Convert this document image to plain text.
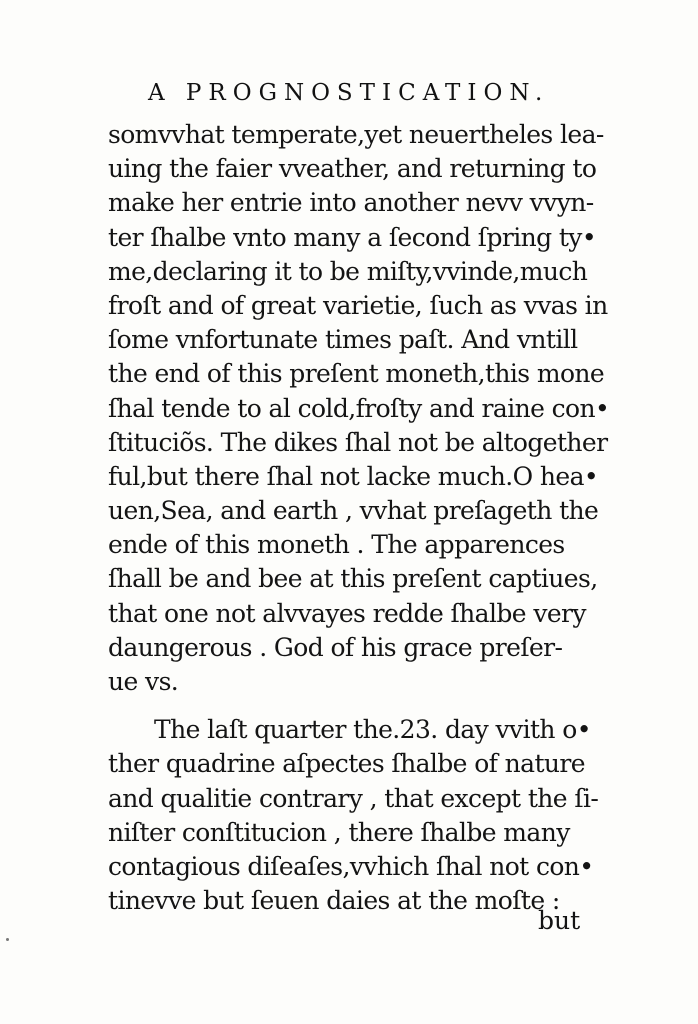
A PROGNOSTICATION.
somvvhat temperate,yet neuertheles lea-
uing the faier vveather, and returning to
make her entrie into another nevv vvyn-
ter ſhalbe vnto many a ſecond ſpring ty•
me,declaring it to be miſty,vvinde,much
froſt and of great varietie, ſuch as vvas in
ſome vnfortunate times paſt. And vntill
the end of this preſent moneth,this mone
ſhal tende to al cold,froſty and raine con•
ſtituciõs. The dikes ſhal not be altogether
ful,but there ſhal not lacke much.O hea•
uen,Sea, and earth , vvhat preſageth the
ende of this moneth . The apparences
ſhall be and bee at this preſent captiues,
that one not alvvayes redde ſhalbe very
daungerous . God of his grace preſer-
ue vs.
The laſt quarter the.23. day vvith o•
ther quadrine aſpectes ſhalbe of nature
and qualitie contrary , that except the ſi-
niſter conſtitucion , there ſhalbe many
contagious diſeaſes,vvhich ſhal not con•
tinevve but ſeuen daies at the moſte :
but
